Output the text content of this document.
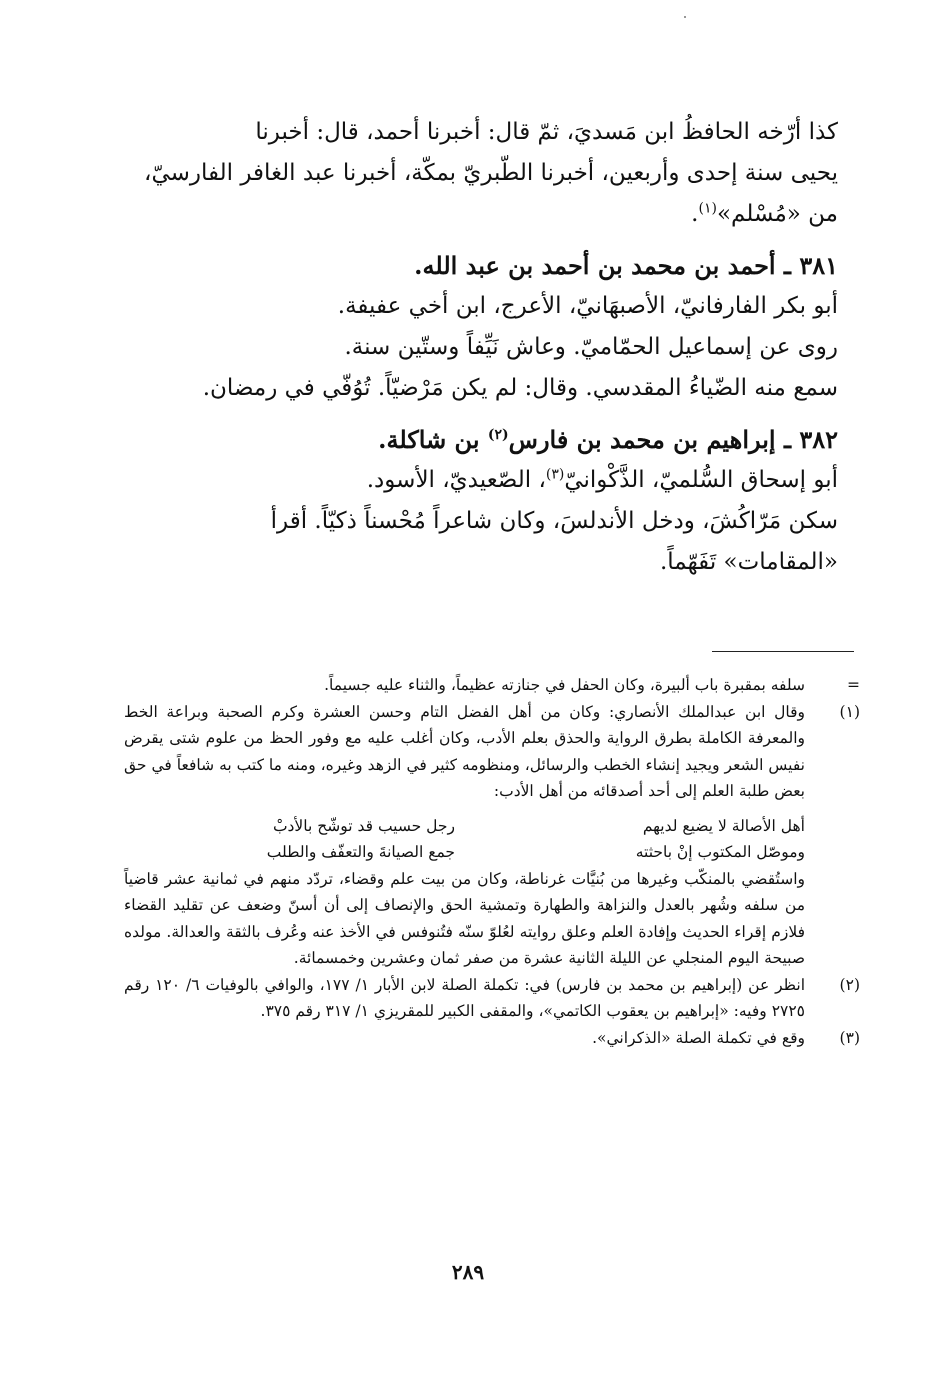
كذا أرّخه الحافظُ ابن مَسديَ، ثمّ قال: أخبرنا أحمد، قال: أخبرنا

يحيى سنة إحدى وأربعين، أخبرنا الطّبريّ بمكّة، أخبرنا عبد الغافر الفارسيّ،

من «مُسْلم»$^{(١)}$.

٣٨١ ـ أحمد بن محمد بن أحمد بن عبد الله.

أبو بكر الفارفانيّ، الأصبهَانيّ، الأعرج، ابن أخي عفيفة.

روى عن إسماعيل الحمّاميّ. وعاش نَيِّفاً وستّين سنة.

سمع منه الضّياءُ المقدسي. وقال: لم يكن مَرْضيّاً. تُوُفّي في رمضان.

٣٨٢ ـ إبراهيم بن محمد بن فارس$^{(٢)}$ بن شاكلة.

أبو إسحاق السُّلميّ، الذَّكْوانيّ$^{(٣)}$، الصّعيديّ، الأسود.

سكن مَرّاكُشَ، ودخل الأندلسَ، وكان شاعراً مُحْسناً ذكيّاً. أقرأ

«المقامات» تَفَهّماً.

=
سلفه بمقبرة باب ألبيرة، وكان الحفل في جنازته عظيماً، والثناء عليه جسيماً.
(١)
وقال ابن عبدالملك الأنصاري: وكان من أهل الفضل التام وحسن العشرة وكرم الصحبة وبراعة الخط والمعرفة الكاملة بطرق الرواية والحذق بعلم الأدب، وكان أغلب عليه مع وفور الحظ من علوم شتى يقرض نفيس الشعر ويجيد إنشاء الخطب والرسائل، ومنظومه كثير في الزهد وغيره، ومنه ما كتب به شافعاً في حق بعض طلبة العلم إلى أحد أصدقائه من أهل الأدب:
أهل الأصالة لا يضيع لديهم
رجل حسيب قد توشّح بالأدبْ
وموصّل المكتوب إنْ باحثته
جمع الصيانةَ والتعفّف والطلب
واستُقضي بالمنكّب وغيرها من بُنيَّات غرناطة، وكان من بيت علم وقضاء، تردّد منهم في ثمانية عشر قاضياً من سلفه وشُهر بالعدل والنزاهة والطهارة وتمشية الحق والإنصاف إلى أن أسنّ وضعف عن تقليد القضاء فلازم إقراء الحديث وإفادة العلم وعلق روايته لعُلوّ سنّه فتُنوفس في الأخذ عنه وعُرف بالثقة والعدالة. مولده صبيحة اليوم المنجلي عن الليلة الثانية عشرة من صفر ثمان وعشرين وخمسمائة.
(٢)
انظر عن (إبراهيم بن محمد بن فارس) في: تكملة الصلة لابن الأبار ١/ ١٧٧، والوافي بالوفيات ٦/ ١٢٠ رقم ٢٧٢٥ وفيه: «إبراهيم بن يعقوب الكاتمي»، والمقفى الكبير للمقريزي ١/ ٣١٧ رقم ٣٧٥.
(٣)
وقع في تكملة الصلة «الذكراني».
٢٨٩
